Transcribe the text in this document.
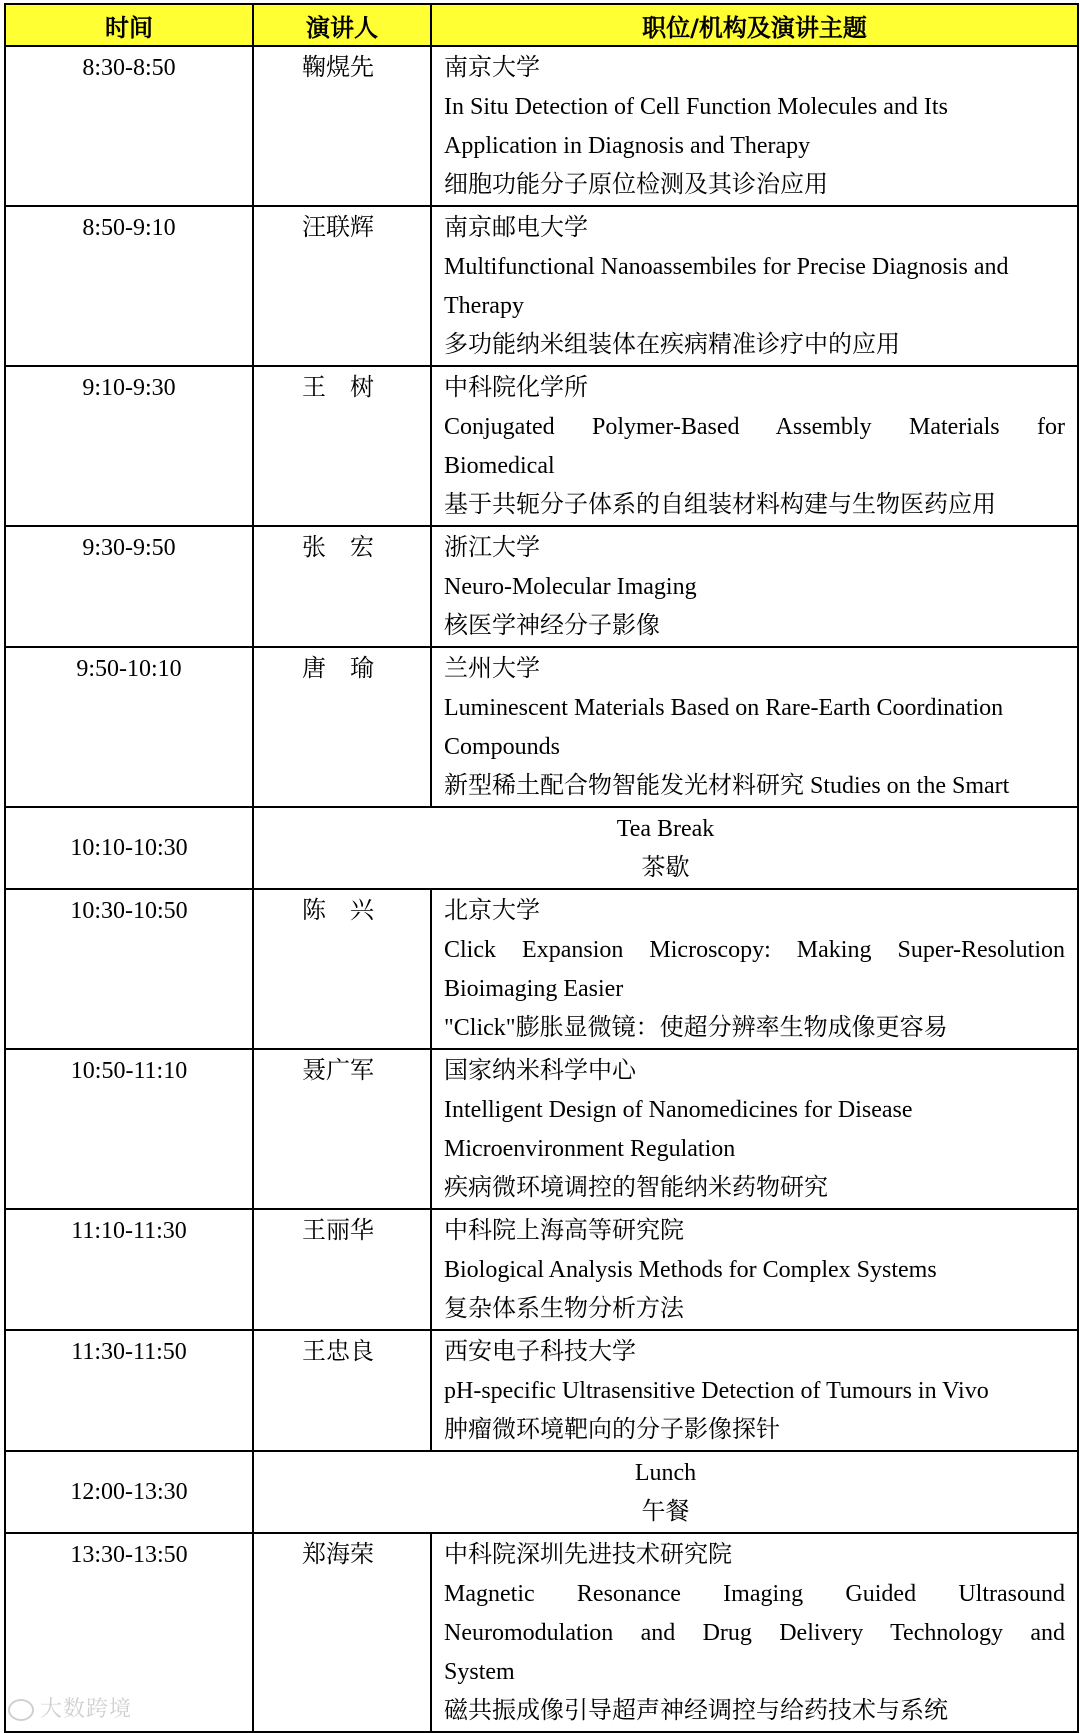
时间	演讲人	职位/机构及演讲主题
8:30-8:50	鞠熀先	南京大学
In Situ Detection of Cell Function Molecules and Its
Application in Diagnosis and Therapy
细胞功能分子原位检测及其诊治应用

8:50-9:10	汪联辉	南京邮电大学
Multifunctional Nanoassembiles for Precise Diagnosis and
Therapy
多功能纳米组装体在疾病精准诊疗中的应用

9:10-9:30	王　树	中科院化学所
Conjugated Polymer-Based Assembly Materials for
Biomedical
基于共轭分子体系的自组装材料构建与生物医药应用

9:30-9:50	张　宏	浙江大学
Neuro-Molecular Imaging
核医学神经分子影像

9:50-10:10	唐　瑜	兰州大学
Luminescent Materials Based on Rare-Earth Coordination
Compounds
新型稀土配合物智能发光材料研究 Studies on the Smart

10:10-10:30	Tea Break
茶歇	

10:30-10:50	陈　兴	北京大学
Click Expansion Microscopy: Making Super-Resolution
Bioimaging Easier
"Click"膨胀显微镜：使超分辨率生物成像更容易

10:50-11:10	聂广军	国家纳米科学中心
Intelligent Design of Nanomedicines for Disease
Microenvironment Regulation
疾病微环境调控的智能纳米药物研究

11:10-11:30	王丽华	中科院上海高等研究院
Biological Analysis Methods for Complex Systems
复杂体系生物分析方法

11:30-11:50	王忠良	西安电子科技大学
pH-specific Ultrasensitive Detection of Tumours in Vivo
肿瘤微环境靶向的分子影像探针

12:00-13:30	Lunch
午餐	

13:30-13:50	郑海荣	中科院深圳先进技术研究院
Magnetic Resonance Imaging Guided Ultrasound
Neuromodulation and Drug Delivery Technology and
System
磁共振成像引导超声神经调控与给药技术与系统
大数跨境
